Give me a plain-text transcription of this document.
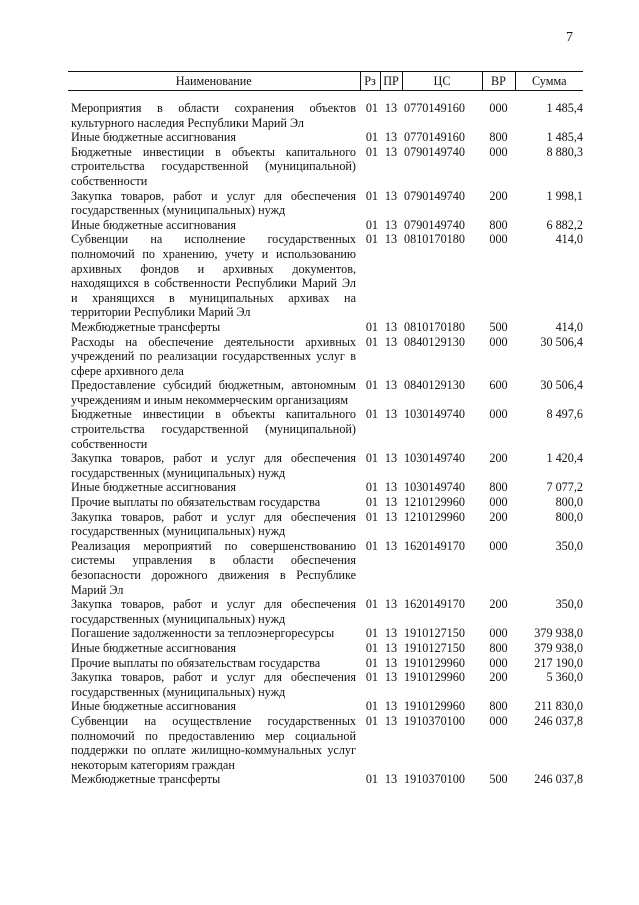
7
Наименование	Рз	ПР	ЦС	ВР	Сумма

Мероприятия в области сохранения объектов культурного наследия Республики Марий Эл	01	13	0770149160	000	1 485,4
Иные бюджетные ассигнования	01	13	0770149160	800	1 485,4
Бюджетные инвестиции в объекты капитального строительства государственной (муниципальной) собственности	01	13	0790149740	000	8 880,3
Закупка товаров, работ и услуг для обеспечения государственных (муниципальных) нужд	01	13	0790149740	200	1 998,1
Иные бюджетные ассигнования	01	13	0790149740	800	6 882,2
Субвенции на исполнение государственных полномочий по хранению, учету и использованию архивных фондов и архивных документов, находящихся в собственности Республики Марий Эл и хранящихся в муниципальных архивах на территории Республики Марий Эл	01	13	0810170180	000	414,0
Межбюджетные трансферты	01	13	0810170180	500	414,0
Расходы на обеспечение деятельности архивных учреждений по реализации государственных услуг в сфере архивного дела	01	13	0840129130	000	30 506,4
Предоставление субсидий бюджетным, автономным учреждениям и иным некоммерческим организациям	01	13	0840129130	600	30 506,4
Бюджетные инвестиции в объекты капитального строительства государственной (муниципальной) собственности	01	13	1030149740	000	8 497,6
Закупка товаров, работ и услуг для обеспечения государственных (муниципальных) нужд	01	13	1030149740	200	1 420,4
Иные бюджетные ассигнования	01	13	1030149740	800	7 077,2
Прочие выплаты по обязательствам государства	01	13	1210129960	000	800,0
Закупка товаров, работ и услуг для обеспечения государственных (муниципальных) нужд	01	13	1210129960	200	800,0
Реализация мероприятий по совершенствованию системы управления в области обеспечения безопасности дорожного движения в Республике Марий Эл	01	13	1620149170	000	350,0
Закупка товаров, работ и услуг для обеспечения государственных (муниципальных) нужд	01	13	1620149170	200	350,0
Погашение задолженности за теплоэнергоресурсы	01	13	1910127150	000	379 938,0
Иные бюджетные ассигнования	01	13	1910127150	800	379 938,0
Прочие выплаты по обязательствам государства	01	13	1910129960	000	217 190,0
Закупка товаров, работ и услуг для обеспечения государственных (муниципальных) нужд	01	13	1910129960	200	5 360,0
Иные бюджетные ассигнования	01	13	1910129960	800	211 830,0
Субвенции на осуществление государственных полномочий по предоставлению мер социальной поддержки по оплате жилищно-коммунальных услуг некоторым категориям граждан	01	13	1910370100	000	246 037,8
Межбюджетные трансферты	01	13	1910370100	500	246 037,8
